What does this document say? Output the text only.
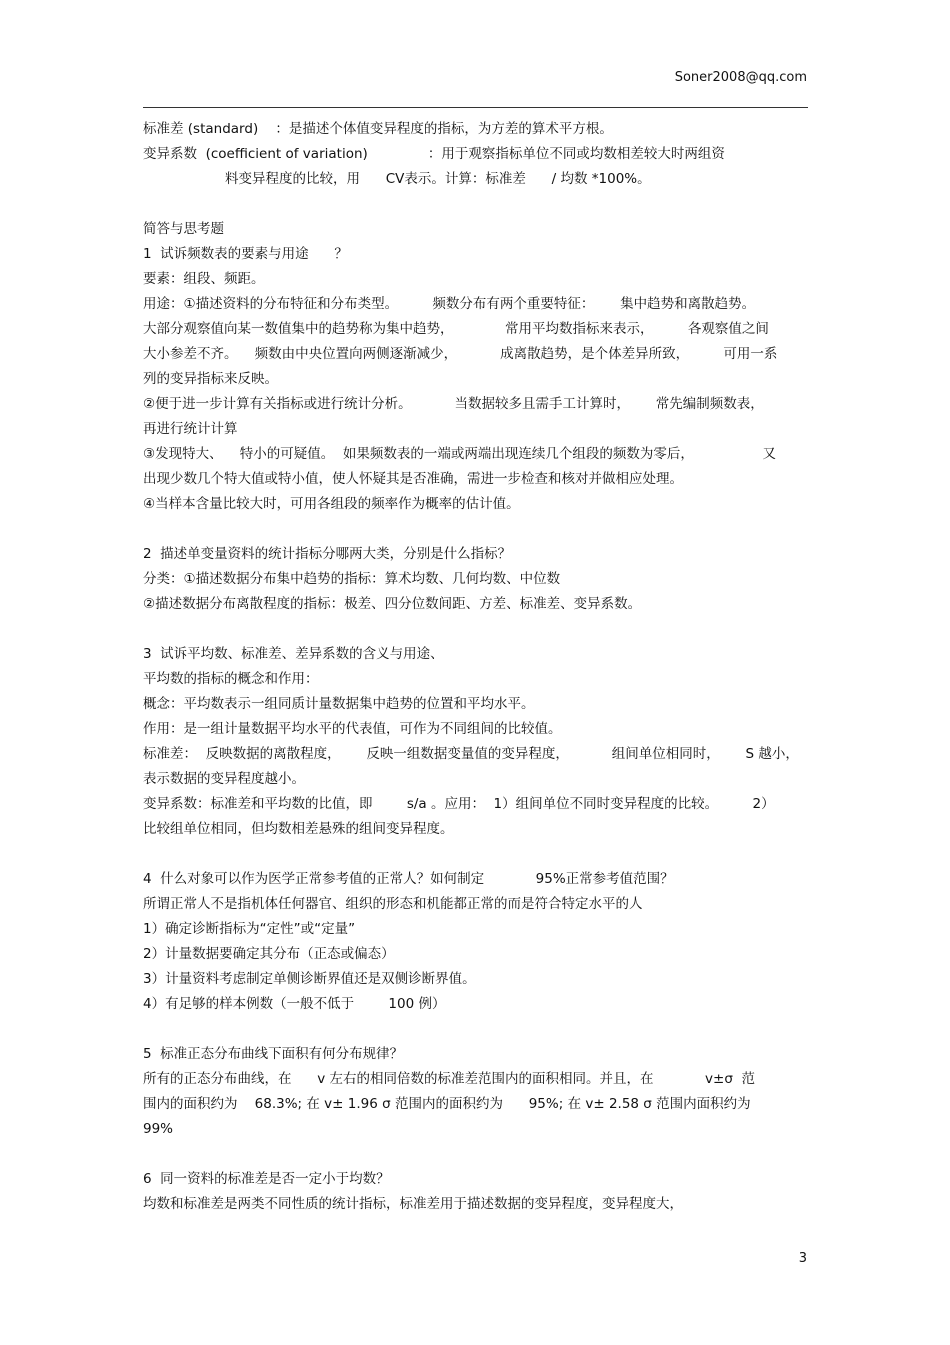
Soner2008@qq.com
标准差 (standard)    ：是描述个体值变异程度的指标，为方差的算术平方根。
变异系数  (coefficient of variation)              ：用于观察指标单位不同或均数相差较大时两组资
料变异程度的比较，用      CV表示。计算：标准差      / 均数 *100%。
简答与思考题
1  试诉频数表的要素与用途      ？
要素：组段、频距。
用途：①描述资料的分布特征和分布类型。        频数分布有两个重要特征：      集中趋势和离散趋势。
大部分观察值向某一数值集中的趋势称为集中趋势，            常用平均数指标来表示，        各观察值之间
大小参差不齐。    频数由中央位置向两侧逐渐减少，          成离散趋势，是个体差异所致，        可用一系
列的变异指标来反映。
②便于进一步计算有关指标或进行统计分析。          当数据较多且需手工计算时，      常先编制频数表，
再进行统计计算
③发现特大、    特小的可疑值。  如果频数表的一端或两端出现连续几个组段的频数为零后，                又
出现少数几个特大值或特小值，使人怀疑其是否准确，需进一步检查和核对并做相应处理。
④当样本含量比较大时，可用各组段的频率作为概率的估计值。
2  描述单变量资料的统计指标分哪两大类，分别是什么指标？
分类：①描述数据分布集中趋势的指标：算术均数、几何均数、中位数
②描述数据分布离散程度的指标：极差、四分位数间距、方差、标准差、变异系数。
3  试诉平均数、标准差、差异系数的含义与用途、
平均数的指标的概念和作用：
概念：平均数表示一组同质计量数据集中趋势的位置和平均水平。
作用：是一组计量数据平均水平的代表值，可作为不同组间的比较值。
标准差：  反映数据的离散程度，      反映一组数据变量值的变异程度，          组间单位相同时，      S 越小，
表示数据的变异程度越小。
变异系数：标准差和平均数的比值，即        s/a 。应用：  1）组间单位不同时变异程度的比较。        2）
比较组单位相同，但均数相差悬殊的组间变异程度。
4  什么对象可以作为医学正常参考值的正常人？如何制定            95%正常参考值范围？
所谓正常人不是指机体任何器官、组织的形态和机能都正常的而是符合特定水平的人
1）确定诊断指标为“定性”或“定量”
2）计量数据要确定其分布（正态或偏态）
3）计量资料考虑制定单侧诊断界值还是双侧诊断界值。
4）有足够的样本例数（一般不低于        100 例）
5  标准正态分布曲线下面积有何分布规律？
所有的正态分布曲线，在      v 左右的相同倍数的标准差范围内的面积相同。并且，在            v±σ  范
围内的面积约为    68.3%; 在 v± 1.96 σ 范围内的面积约为      95%; 在 v± 2.58 σ 范围内面积约为
99%
6  同一资料的标准差是否一定小于均数？
均数和标准差是两类不同性质的统计指标，标准差用于描述数据的变异程度，变异程度大，
3
